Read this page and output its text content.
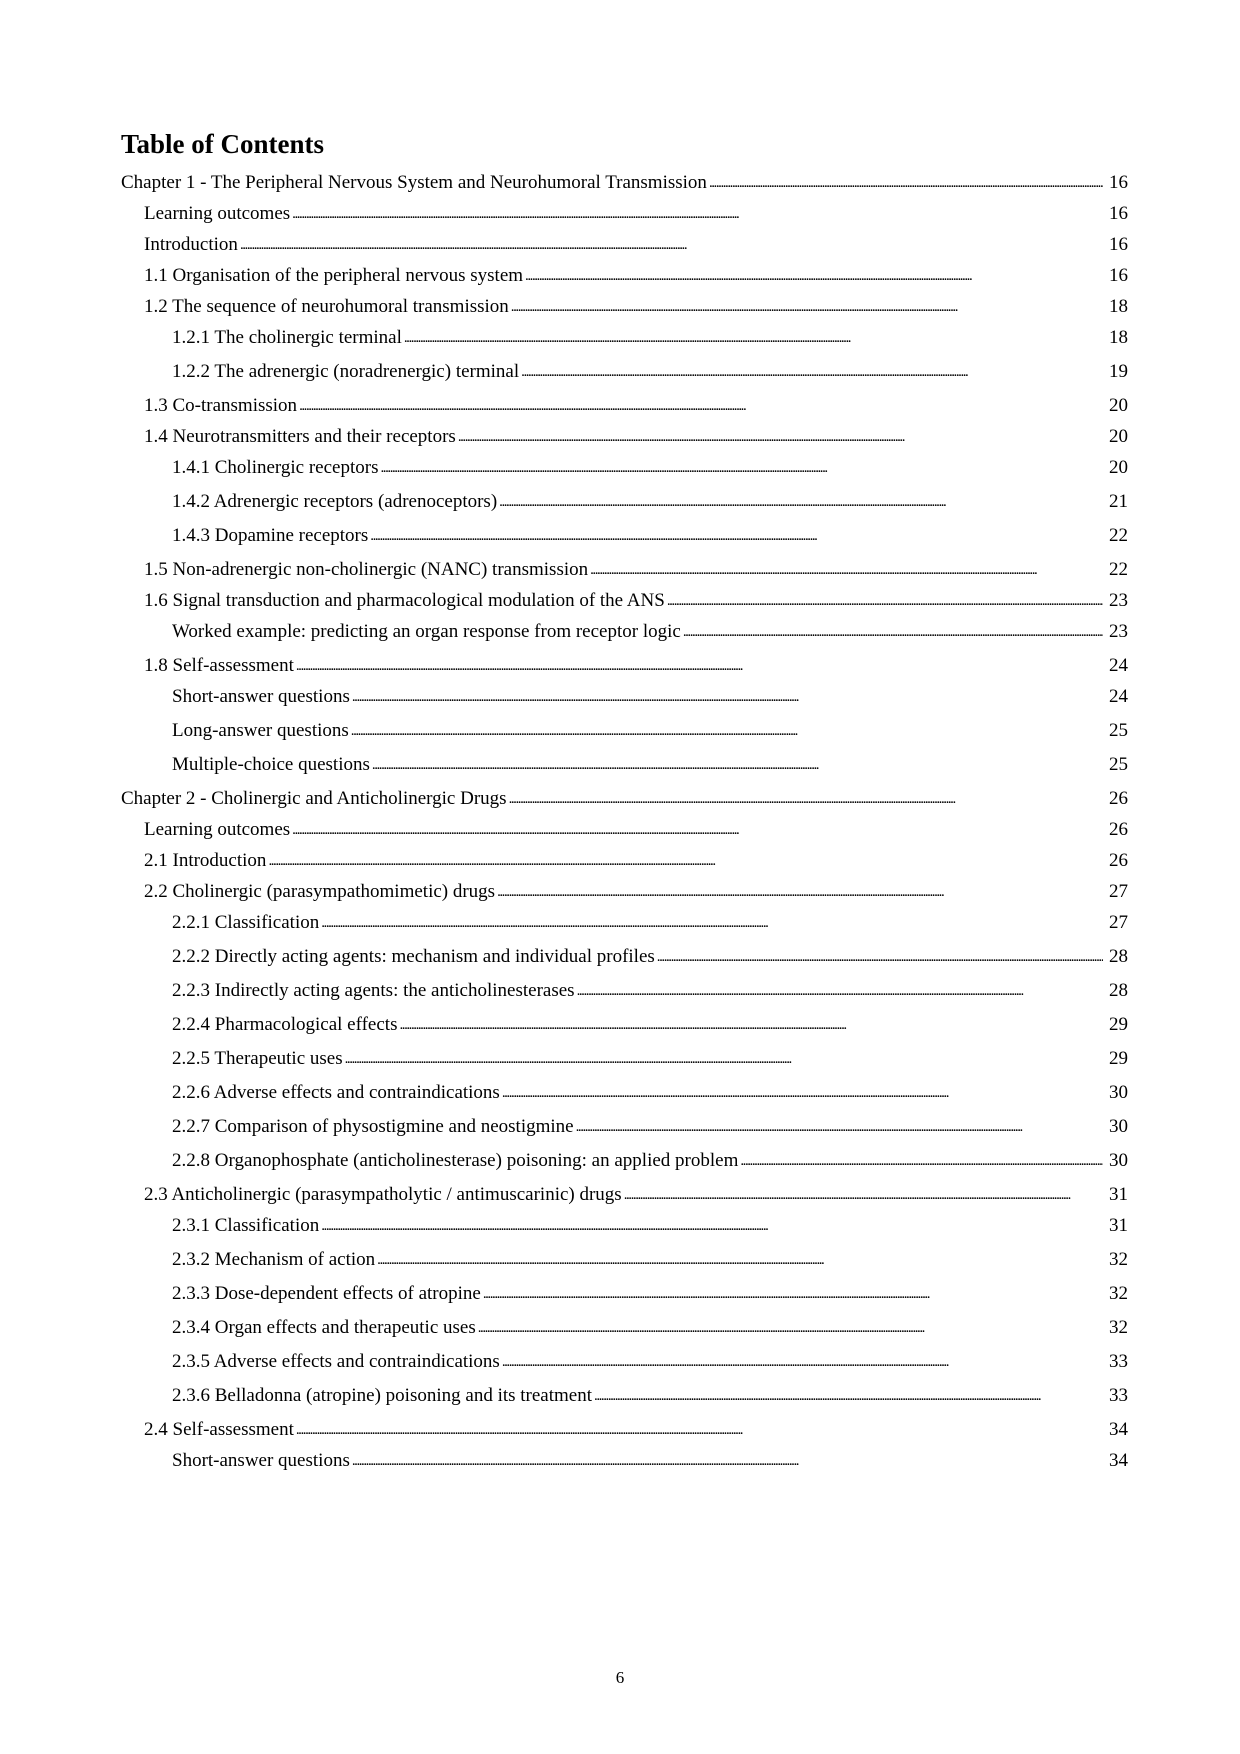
Table of Contents
Chapter 1 - The Peripheral Nervous System and Neurohumoral Transmission . . .	16
Learning outcomes . . .	16
Introduction . . .	16
1.1 Organisation of the peripheral nervous system . . .	16
1.2 The sequence of neurohumoral transmission . . .	18
1.2.1 The cholinergic terminal . . .	18
1.2.2 The adrenergic (noradrenergic) terminal . . .	19
1.3 Co-transmission . . .	20
1.4 Neurotransmitters and their receptors . . .	20
1.4.1 Cholinergic receptors . . .	20
1.4.2 Adrenergic receptors (adrenoceptors) . . .	21
1.4.3 Dopamine receptors . . .	22
1.5 Non-adrenergic non-cholinergic (NANC) transmission . . .	22
1.6 Signal transduction and pharmacological modulation of the ANS . . .	23
Worked example: predicting an organ response from receptor logic . . .	23
1.8 Self-assessment . . .	24
Short-answer questions . . .	24
Long-answer questions . . .	25
Multiple-choice questions . . .	25
Chapter 2 - Cholinergic and Anticholinergic Drugs . . .	26
Learning outcomes . . .	26
2.1 Introduction . . .	26
2.2 Cholinergic (parasympathomimetic) drugs . . .	27
2.2.1 Classification . . .	27
2.2.2 Directly acting agents: mechanism and individual profiles . . .	28
2.2.3 Indirectly acting agents: the anticholinesterases . . .	28
2.2.4 Pharmacological effects . . .	29
2.2.5 Therapeutic uses . . .	29
2.2.6 Adverse effects and contraindications . . .	30
2.2.7 Comparison of physostigmine and neostigmine . . .	30
2.2.8 Organophosphate (anticholinesterase) poisoning: an applied problem . . .	30
2.3 Anticholinergic (parasympatholytic / antimuscarinic) drugs . . .	31
2.3.1 Classification . . .	31
2.3.2 Mechanism of action . . .	32
2.3.3 Dose-dependent effects of atropine . . .	32
2.3.4 Organ effects and therapeutic uses . . .	32
2.3.5 Adverse effects and contraindications . . .	33
2.3.6 Belladonna (atropine) poisoning and its treatment . . .	33
2.4 Self-assessment . . .	34
Short-answer questions . . .	34
6
